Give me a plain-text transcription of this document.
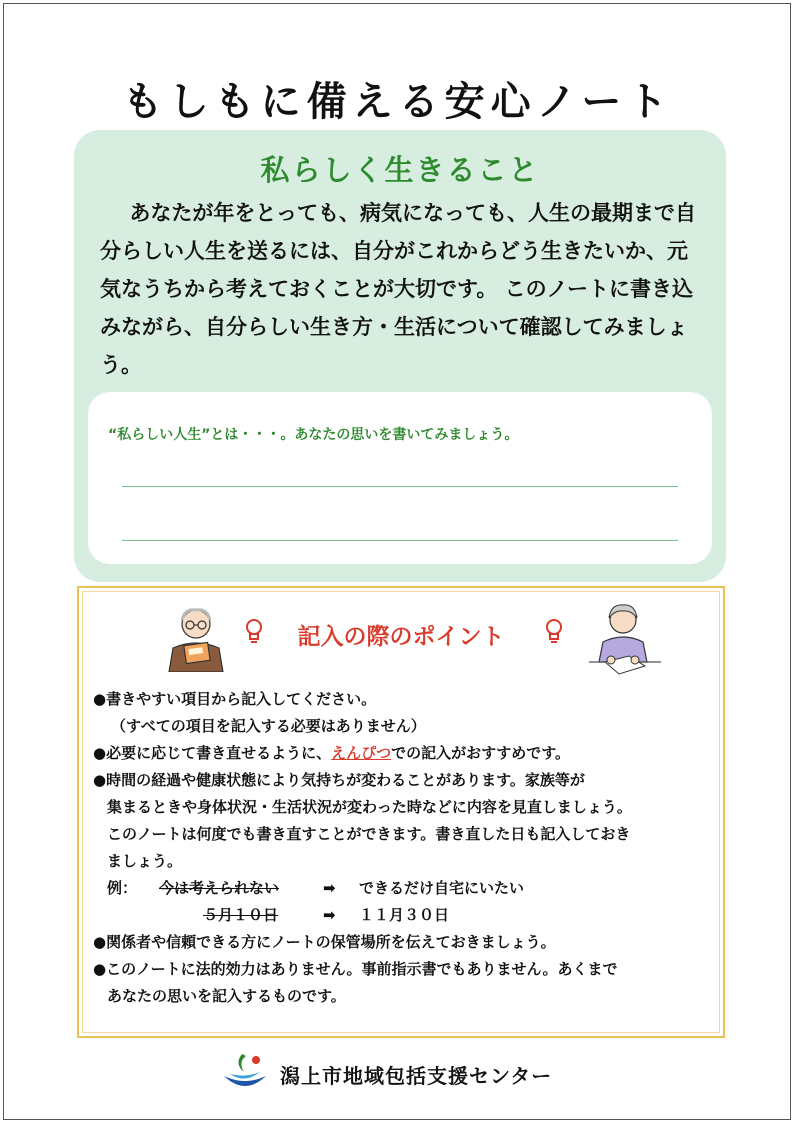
もしもに備える安心ノート
私らしく生きること

あなたが年をとっても、病気になっても、人生の最期まで自分らしい人生を送るには、自分がこれからどう生きたいか、元気なうちから考えておくことが大切です。 このノートに書き込みながら、自分らしい生き方・生活について確認してみましょう。

“私らしい人生”とは・・・。あなたの思いを書いてみましょう。
記入の際のポイント
●書きやすい項目から記入してください。
（すべての項目を記入する必要はありません）
●必要に応じて書き直せるように、えんぴつでの記入がおすすめです。
●時間の経過や健康状態により気持ちが変わることがあります。家族等が
集まるときや身体状況・生活状況が変わった時などに内容を見直しましょう。
このノートは何度でも書き直すことができます。書き直した日も記入しておき
ましょう。
例： 今は考えられない	➡ できるだけ自宅にいたい
５月１０日	➡ １１月３０日
●関係者や信頼できる方にノートの保管場所を伝えておきましょう。
●このノートに法的効力はありません。事前指示書でもありません。あくまで
あなたの思いを記入するものです。
潟上市地域包括支援センター
